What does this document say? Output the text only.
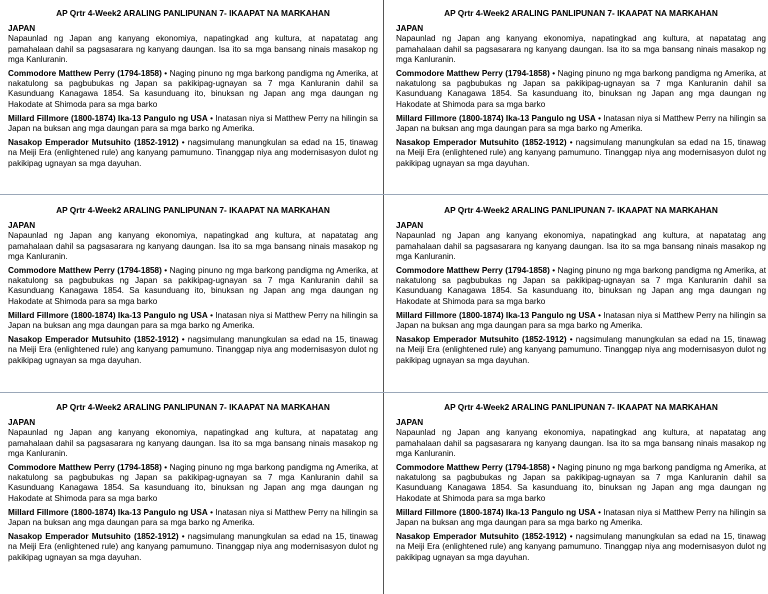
AP Qrtr 4-Week2 ARALING PANLIPUNAN 7- IKAAPAT NA MARKAHAN
JAPAN

Napaunlad ng Japan ang kanyang ekonomiya, napatingkad ang kultura, at napatatag ang pamahalaan dahil sa pagsasarara ng kanyang daungan. Isa ito sa mga bansang ninais masakop ng mga Kanluranin.

Commodore Matthew Perry (1794-1858) • Naging pinuno ng mga barkong pandigma ng Amerika, at nakatulong sa pagbubukas ng Japan sa pakikipag-ugnayan sa 7 mga Kanluranin dahil sa Kasunduang Kanagawa 1854. Sa kasunduang ito, binuksan ng Japan ang mga daungan ng Hakodate at Shimoda para sa mga barko

Millard Fillmore (1800-1874) Ika-13 Pangulo ng USA • Inatasan niya si Matthew Perry na hilingin sa Japan na buksan ang mga daungan para sa mga barko ng Amerika.

Nasakop Emperador Mutsuhito (1852-1912) • nagsimulang manungkulan sa edad na 15, tinawag na Meiji Era (enlightened rule) ang kanyang pamumuno. Tinanggap niya ang modernisasyon dulot ng pakikipag ugnayan sa mga dayuhan.

AP Qrtr 4-Week2 ARALING PANLIPUNAN 7- IKAAPAT NA MARKAHAN
JAPAN

Napaunlad ng Japan ang kanyang ekonomiya, napatingkad ang kultura, at napatatag ang pamahalaan dahil sa pagsasarara ng kanyang daungan. Isa ito sa mga bansang ninais masakop ng mga Kanluranin.

Commodore Matthew Perry (1794-1858) • Naging pinuno ng mga barkong pandigma ng Amerika, at nakatulong sa pagbubukas ng Japan sa pakikipag-ugnayan sa 7 mga Kanluranin dahil sa Kasunduang Kanagawa 1854. Sa kasunduang ito, binuksan ng Japan ang mga daungan ng Hakodate at Shimoda para sa mga barko

Millard Fillmore (1800-1874) Ika-13 Pangulo ng USA • Inatasan niya si Matthew Perry na hilingin sa Japan na buksan ang mga daungan para sa mga barko ng Amerika.

Nasakop Emperador Mutsuhito (1852-1912) • nagsimulang manungkulan sa edad na 15, tinawag na Meiji Era (enlightened rule) ang kanyang pamumuno. Tinanggap niya ang modernisasyon dulot ng pakikipag ugnayan sa mga dayuhan.

AP Qrtr 4-Week2 ARALING PANLIPUNAN 7- IKAAPAT NA MARKAHAN
JAPAN

Napaunlad ng Japan ang kanyang ekonomiya, napatingkad ang kultura, at napatatag ang pamahalaan dahil sa pagsasarara ng kanyang daungan. Isa ito sa mga bansang ninais masakop ng mga Kanluranin.

Commodore Matthew Perry (1794-1858) • Naging pinuno ng mga barkong pandigma ng Amerika, at nakatulong sa pagbubukas ng Japan sa pakikipag-ugnayan sa 7 mga Kanluranin dahil sa Kasunduang Kanagawa 1854. Sa kasunduang ito, binuksan ng Japan ang mga daungan ng Hakodate at Shimoda para sa mga barko

Millard Fillmore (1800-1874) Ika-13 Pangulo ng USA • Inatasan niya si Matthew Perry na hilingin sa Japan na buksan ang mga daungan para sa mga barko ng Amerika.

Nasakop Emperador Mutsuhito (1852-1912) • nagsimulang manungkulan sa edad na 15, tinawag na Meiji Era (enlightened rule) ang kanyang pamumuno. Tinanggap niya ang modernisasyon dulot ng pakikipag ugnayan sa mga dayuhan.

AP Qrtr 4-Week2 ARALING PANLIPUNAN 7- IKAAPAT NA MARKAHAN
JAPAN

Napaunlad ng Japan ang kanyang ekonomiya, napatingkad ang kultura, at napatatag ang pamahalaan dahil sa pagsasarara ng kanyang daungan. Isa ito sa mga bansang ninais masakop ng mga Kanluranin.

Commodore Matthew Perry (1794-1858) • Naging pinuno ng mga barkong pandigma ng Amerika, at nakatulong sa pagbubukas ng Japan sa pakikipag-ugnayan sa 7 mga Kanluranin dahil sa Kasunduang Kanagawa 1854. Sa kasunduang ito, binuksan ng Japan ang mga daungan ng Hakodate at Shimoda para sa mga barko

Millard Fillmore (1800-1874) Ika-13 Pangulo ng USA • Inatasan niya si Matthew Perry na hilingin sa Japan na buksan ang mga daungan para sa mga barko ng Amerika.

Nasakop Emperador Mutsuhito (1852-1912) • nagsimulang manungkulan sa edad na 15, tinawag na Meiji Era (enlightened rule) ang kanyang pamumuno. Tinanggap niya ang modernisasyon dulot ng pakikipag ugnayan sa mga dayuhan.

AP Qrtr 4-Week2 ARALING PANLIPUNAN 7- IKAAPAT NA MARKAHAN
JAPAN

Napaunlad ng Japan ang kanyang ekonomiya, napatingkad ang kultura, at napatatag ang pamahalaan dahil sa pagsasarara ng kanyang daungan. Isa ito sa mga bansang ninais masakop ng mga Kanluranin.

Commodore Matthew Perry (1794-1858) • Naging pinuno ng mga barkong pandigma ng Amerika, at nakatulong sa pagbubukas ng Japan sa pakikipag-ugnayan sa 7 mga Kanluranin dahil sa Kasunduang Kanagawa 1854. Sa kasunduang ito, binuksan ng Japan ang mga daungan ng Hakodate at Shimoda para sa mga barko

Millard Fillmore (1800-1874) Ika-13 Pangulo ng USA • Inatasan niya si Matthew Perry na hilingin sa Japan na buksan ang mga daungan para sa mga barko ng Amerika.

Nasakop Emperador Mutsuhito (1852-1912) • nagsimulang manungkulan sa edad na 15, tinawag na Meiji Era (enlightened rule) ang kanyang pamumuno. Tinanggap niya ang modernisasyon dulot ng pakikipag ugnayan sa mga dayuhan.

AP Qrtr 4-Week2 ARALING PANLIPUNAN 7- IKAAPAT NA MARKAHAN
JAPAN

Napaunlad ng Japan ang kanyang ekonomiya, napatingkad ang kultura, at napatatag ang pamahalaan dahil sa pagsasarara ng kanyang daungan. Isa ito sa mga bansang ninais masakop ng mga Kanluranin.

Commodore Matthew Perry (1794-1858) • Naging pinuno ng mga barkong pandigma ng Amerika, at nakatulong sa pagbubukas ng Japan sa pakikipag-ugnayan sa 7 mga Kanluranin dahil sa Kasunduang Kanagawa 1854. Sa kasunduang ito, binuksan ng Japan ang mga daungan ng Hakodate at Shimoda para sa mga barko

Millard Fillmore (1800-1874) Ika-13 Pangulo ng USA • Inatasan niya si Matthew Perry na hilingin sa Japan na buksan ang mga daungan para sa mga barko ng Amerika.

Nasakop Emperador Mutsuhito (1852-1912) • nagsimulang manungkulan sa edad na 15, tinawag na Meiji Era (enlightened rule) ang kanyang pamumuno. Tinanggap niya ang modernisasyon dulot ng pakikipag ugnayan sa mga dayuhan.
